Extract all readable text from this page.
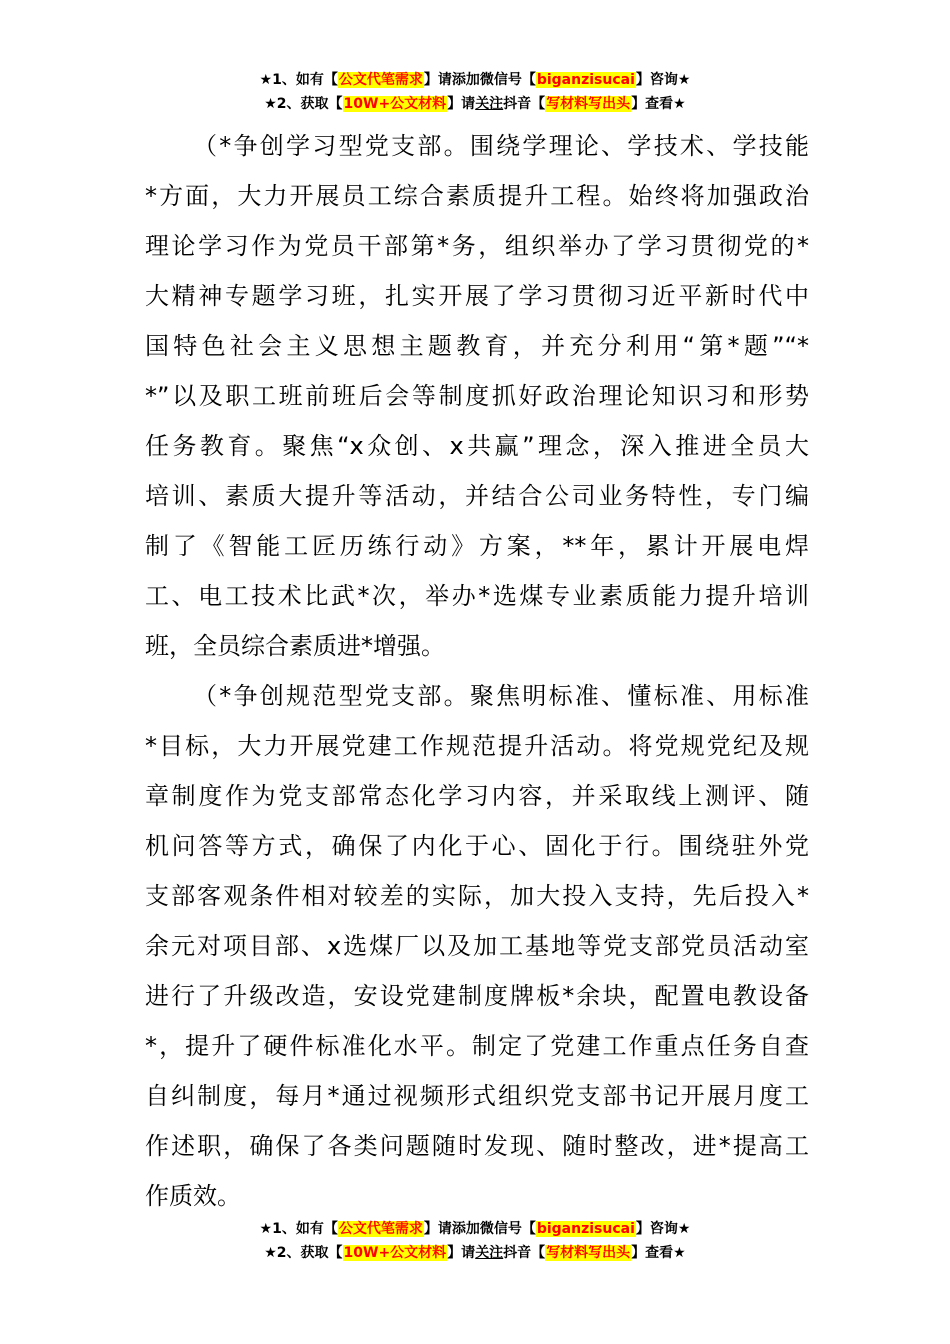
★1、如有【公文代笔需求】请添加微信号【biganzisucai】咨询★
★2、获取【10W+公文材料】请关注抖音【写材料写出头】查看★
（*争创学习型党支部。围绕学理论、学技术、学技能
*方面，大力开展员工综合素质提升工程。始终将加强政治
理论学习作为党员干部第*务，组织举办了学习贯彻党的*
大精神专题学习班，扎实开展了学习贯彻习近平新时代中
国特色社会主义思想主题教育，并充分利用“第*题”“*
*”以及职工班前班后会等制度抓好政治理论知识习和形势
任务教育。聚焦“x众创、x共赢”理念，深入推进全员大
培训、素质大提升等活动，并结合公司业务特性，专门编
制了《智能工匠历练行动》方案，**年，累计开展电焊
工、电工技术比武*次，举办*选煤专业素质能力提升培训
班，全员综合素质进*增强。
（*争创规范型党支部。聚焦明标准、懂标准、用标准
*目标，大力开展党建工作规范提升活动。将党规党纪及规
章制度作为党支部常态化学习内容，并采取线上测评、随
机问答等方式，确保了内化于心、固化于行。围绕驻外党
支部客观条件相对较差的实际，加大投入支持，先后投入*
余元对项目部、x选煤厂以及加工基地等党支部党员活动室
进行了升级改造，安设党建制度牌板*余块，配置电教设备
*，提升了硬件标准化水平。制定了党建工作重点任务自查
自纠制度，每月*通过视频形式组织党支部书记开展月度工
作述职，确保了各类问题随时发现、随时整改，进*提高工
作质效。
★1、如有【公文代笔需求】请添加微信号【biganzisucai】咨询★
★2、获取【10W+公文材料】请关注抖音【写材料写出头】查看★
